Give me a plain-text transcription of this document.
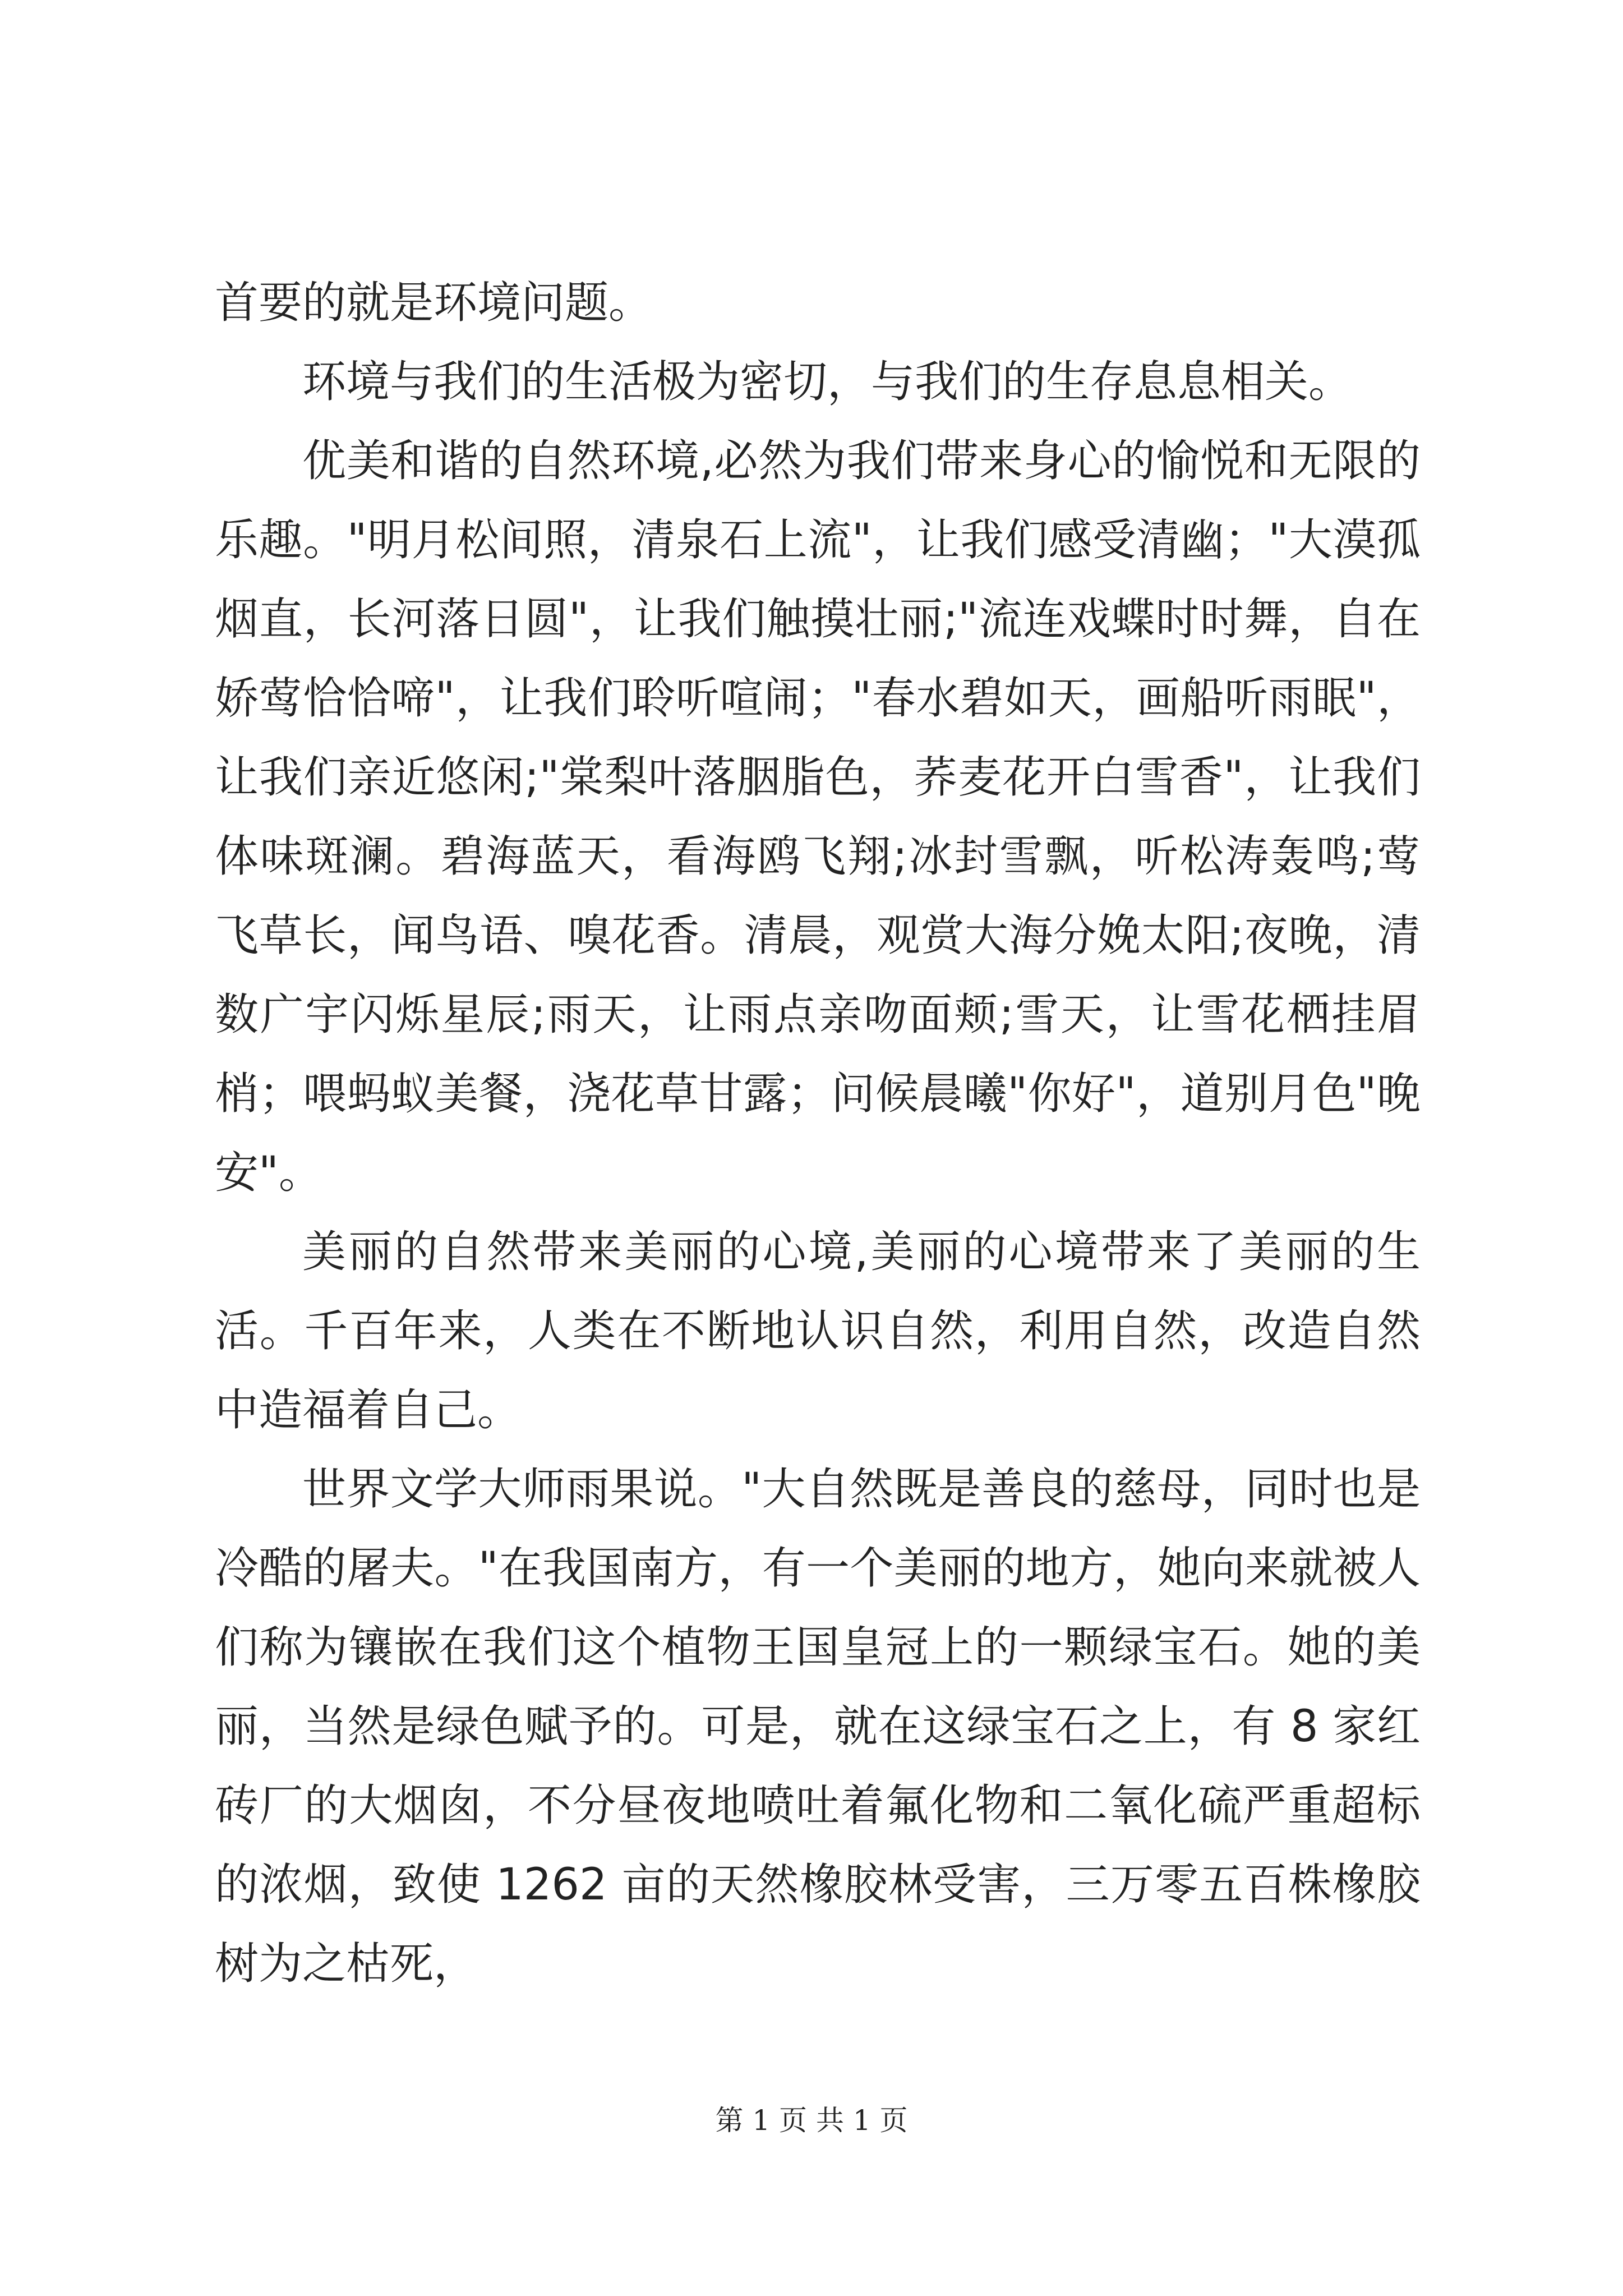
首要的就是环境问题。

环境与我们的生活极为密切，与我们的生存息息相关。

优美和谐的自然环境,必然为我们带来身心的愉悦和无限的乐趣。"明月松间照，清泉石上流"，让我们感受清幽；"大漠孤烟直，长河落日圆"，让我们触摸壮丽;"流连戏蝶时时舞，自在娇莺恰恰啼"，让我们聆听喧闹；"春水碧如天，画船听雨眠"，让我们亲近悠闲;"棠梨叶落胭脂色，荞麦花开白雪香"，让我们体味斑澜。碧海蓝天，看海鸥飞翔;冰封雪飘，听松涛轰鸣;莺飞草长，闻鸟语、嗅花香。清晨，观赏大海分娩太阳;夜晚，清数广宇闪烁星辰;雨天，让雨点亲吻面颊;雪天，让雪花栖挂眉梢；喂蚂蚁美餐，浇花草甘露；问候晨曦"你好"，道别月色"晚安"。

美丽的自然带来美丽的心境,美丽的心境带来了美丽的生活。千百年来，人类在不断地认识自然，利用自然，改造自然中造福着自己。

世界文学大师雨果说。"大自然既是善良的慈母，同时也是冷酷的屠夫。"在我国南方，有一个美丽的地方，她向来就被人们称为镶嵌在我们这个植物王国皇冠上的一颗绿宝石。她的美丽，当然是绿色赋予的。可是，就在这绿宝石之上，有 8 家红砖厂的大烟囱，不分昼夜地喷吐着氟化物和二氧化硫严重超标的浓烟，致使 1262 亩的天然橡胶林受害，三万零五百株橡胶树为之枯死，

第 1 页 共 1 页
